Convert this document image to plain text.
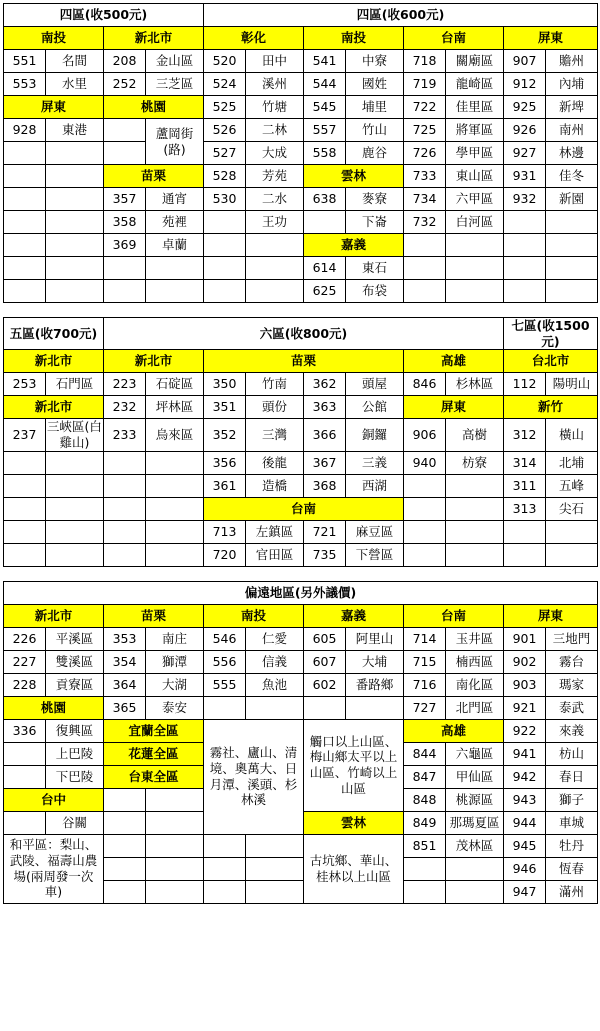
四區(收500元)				四區(收600元)							
南投		新北市		彰化		南投		台南		屏東	
551	名間	208	金山區	520	田中	541	中寮	718	關廟區	907	贍州
553	水里	252	三芝區	524	溪州	544	國姓	719	龍崎區	912	內埔
屏東		桃園		525	竹塘	545	埔里	722	佳里區	925	新埤
928	東港		蘆岡街(路)	526	二林	557	竹山	725	將軍區	926	南州
				527	大成	558	鹿谷	726	學甲區	927	林邊
		苗栗		528	芳苑	雲林		733	東山區	931	佳冬
		357	通宵	530	二水	638	麥寮	734	六甲區	932	新園
		358	苑裡		王功		下崙	732	白河區		
		369	卓蘭			嘉義					
						614	東石				
						625	布袋				
五區(收700元)		六區(收800元)								七區(收1500元)	
新北市		新北市		苗栗				高雄		台北市	
253	石門區	223	石碇區	350	竹南	362	頭屋	846	杉林區	112	陽明山
新北市		232	坪林區	351	頭份	363	公館	屏東		新竹	
237	三峽區(白雞山)	233	烏來區	352	三灣	366	銅鑼	906	高樹	312	橫山
				356	後龍	367	三義	940	枋寮	314	北埔
				361	造橋	368	西湖			311	五峰
				台南						313	尖石
				713	左鎮區	721	麻豆區				
				720	官田區	735	下營區				
偏遠地區(另外議價)											
新北市		苗栗		南投		嘉義		台南		屏東	
226	平溪區	353	南庄	546	仁愛	605	阿里山	714	玉井區	901	三地門
227	雙溪區	354	獅潭	556	信義	607	大埔	715	楠西區	902	霧台
228	貢寮區	364	大湖	555	魚池	602	番路鄉	716	南化區	903	瑪家
桃園		365	泰安					727	北門區	921	泰武
336	復興區	宜蘭全區		霧社、廬山、清境、奧萬大、日月潭、溪頭、杉林溪		觸口以上山區、梅山鄉太平以上山區、竹崎以上山區		高雄		922	來義
	上巴陵	花蓮全區						844	六龜區	941	枋山
	下巴陵	台東全區						847	甲仙區	942	春日
台中								848	桃源區	943	獅子
	谷關					雲林		849	那瑪夏區	944	車城
和平區：梨山、武陵、福壽山農場(兩周發一次車)						古坑鄉、華山、桂林以上山區		851	茂林區	945	牡丹
										946	恆春
										947	滿州
